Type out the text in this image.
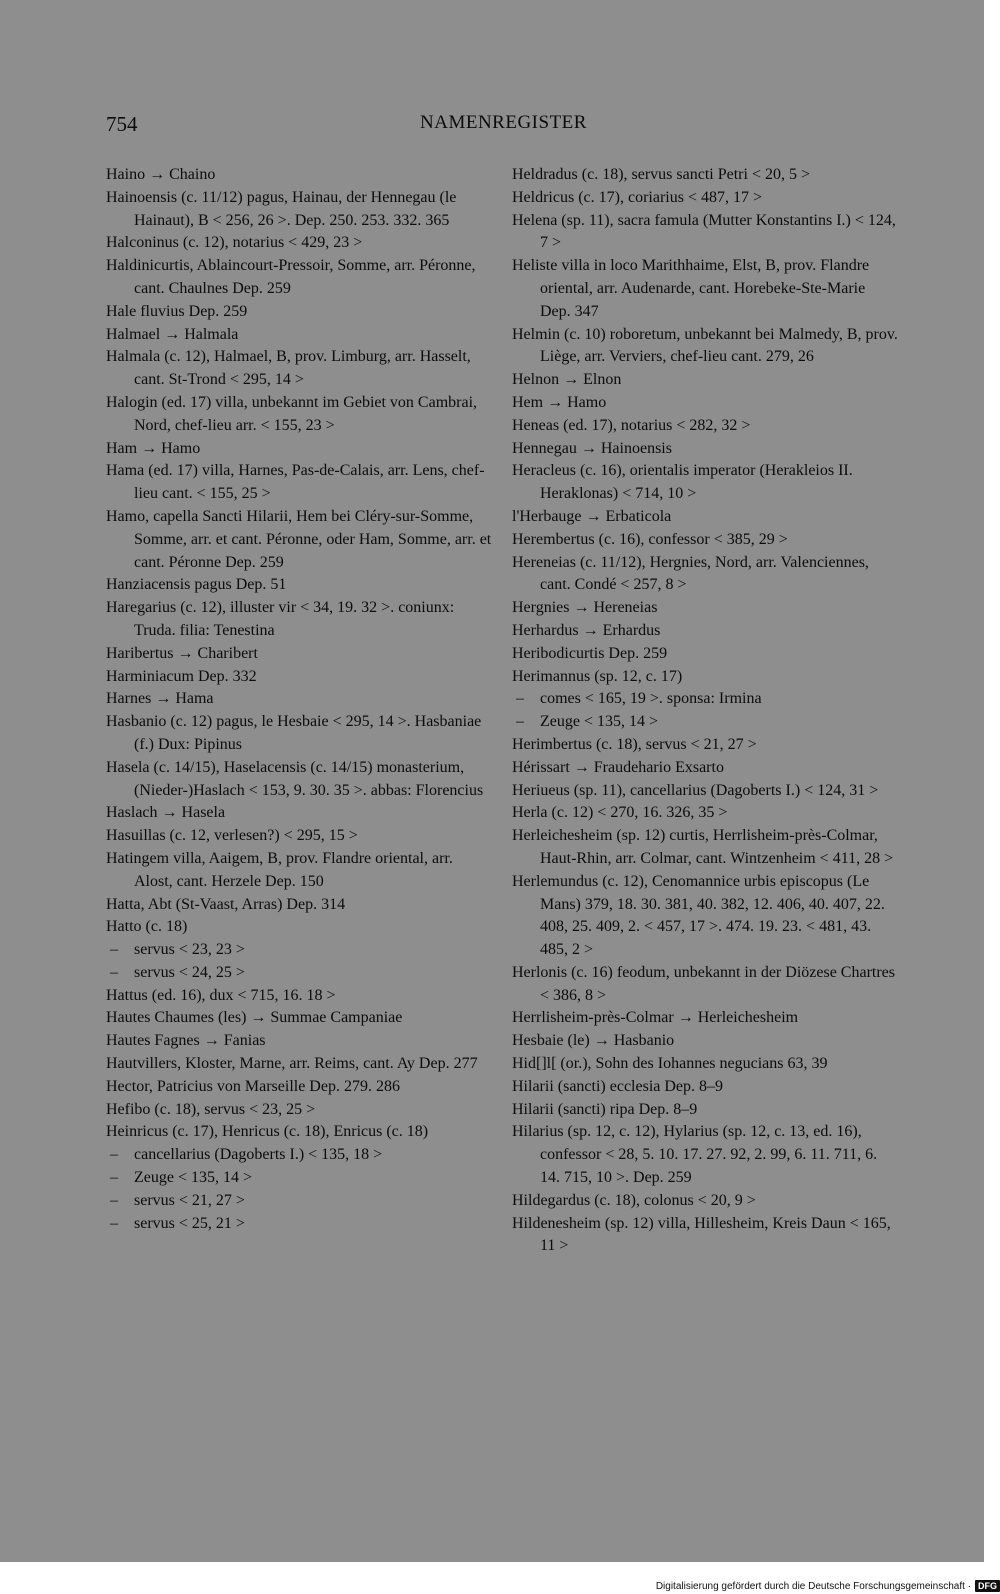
754	NAMENREGISTER
Haino → Chaino
Hainoensis (c. 11/12) pagus, Hainau, der Hennegau (le Hainaut), B < 256, 26 >. Dep. 250. 253. 332. 365
Halconinus (c. 12), notarius < 429, 23 >
Haldinicurtis, Ablaincourt-Pressoir, Somme, arr. Péronne, cant. Chaulnes Dep. 259
Hale fluvius Dep. 259
Halmael → Halmala
Halmala (c. 12), Halmael, B, prov. Limburg, arr. Hasselt, cant. St-Trond < 295, 14 >
Halogin (ed. 17) villa, unbekannt im Gebiet von Cambrai, Nord, chef-lieu arr. < 155, 23 >
Ham → Hamo
Hama (ed. 17) villa, Harnes, Pas-de-Calais, arr. Lens, chef-lieu cant. < 155, 25 >
Hamo, capella Sancti Hilarii, Hem bei Cléry-sur-Somme, Somme, arr. et cant. Péronne, oder Ham, Somme, arr. et cant. Péronne Dep. 259
Hanziacensis pagus Dep. 51
Haregarius (c. 12), illuster vir < 34, 19. 32 >. coniunx: Truda. filia: Tenestina
Haribertus → Charibert
Harminiacum Dep. 332
Harnes → Hama
Hasbanio (c. 12) pagus, le Hesbaie < 295, 14 >. Hasbaniae (f.) Dux: Pipinus
Hasela (c. 14/15), Haselacensis (c. 14/15) monasterium, (Nieder-)Haslach < 153, 9. 30. 35 >. abbas: Florencius
Haslach → Hasela
Hasuillas (c. 12, verlesen?) < 295, 15 >
Hatingem villa, Aaigem, B, prov. Flandre oriental, arr. Alost, cant. Herzele Dep. 150
Hatta, Abt (St-Vaast, Arras) Dep. 314
Hatto (c. 18)
– servus < 23, 23 >
– servus < 24, 25 >
Hattus (ed. 16), dux < 715, 16. 18 >
Hautes Chaumes (les) → Summae Campaniae
Hautes Fagnes → Fanias
Hautvillers, Kloster, Marne, arr. Reims, cant. Ay Dep. 277
Hector, Patricius von Marseille Dep. 279. 286
Hefibo (c. 18), servus < 23, 25 >
Heinricus (c. 17), Henricus (c. 18), Enricus (c. 18)
– cancellarius (Dagoberts I.) < 135, 18 >
– Zeuge < 135, 14 >
– servus < 21, 27 >
– servus < 25, 21 >
Heldradus (c. 18), servus sancti Petri < 20, 5 >
Heldricus (c. 17), coriarius < 487, 17 >
Helena (sp. 11), sacra famula (Mutter Konstantins I.) < 124, 7 >
Heliste villa in loco Marithhaime, Elst, B, prov. Flandre oriental, arr. Audenarde, cant. Horebeke-Ste-Marie Dep. 347
Helmin (c. 10) roboretum, unbekannt bei Malmedy, B, prov. Liège, arr. Verviers, chef-lieu cant. 279, 26
Helnon → Elnon
Hem → Hamo
Heneas (ed. 17), notarius < 282, 32 >
Hennegau → Hainoensis
Heracleus (c. 16), orientalis imperator (Herakleios II. Heraklonas) < 714, 10 >
l'Herbauge → Erbaticola
Herembertus (c. 16), confessor < 385, 29 >
Hereneias (c. 11/12), Hergnies, Nord, arr. Valenciennes, cant. Condé < 257, 8 >
Hergnies → Hereneias
Herhardus → Erhardus
Heribodicurtis Dep. 259
Herimannus (sp. 12, c. 17)
– comes < 165, 19 >. sponsa: Irmina
– Zeuge < 135, 14 >
Herimbertus (c. 18), servus < 21, 27 >
Hérissart → Fraudehario Exsarto
Heriueus (sp. 11), cancellarius (Dagoberts I.) < 124, 31 >
Herla (c. 12) < 270, 16. 326, 35 >
Herleichesheim (sp. 12) curtis, Herrlisheim-près-Colmar, Haut-Rhin, arr. Colmar, cant. Wintzenheim < 411, 28 >
Herlemundus (c. 12), Cenomannice urbis episcopus (Le Mans) 379, 18. 30. 381, 40. 382, 12. 406, 40. 407, 22. 408, 25. 409, 2. < 457, 17 >. 474. 19. 23. < 481, 43. 485, 2 >
Herlonis (c. 16) feodum, unbekannt in der Diözese Chartres < 386, 8 >
Herrlisheim-près-Colmar → Herleichesheim
Hesbaie (le) → Hasbanio
Hid[]l[ (or.), Sohn des Iohannes negucians 63, 39
Hilarii (sancti) ecclesia Dep. 8–9
Hilarii (sancti) ripa Dep. 8–9
Hilarius (sp. 12, c. 12), Hylarius (sp. 12, c. 13, ed. 16), confessor < 28, 5. 10. 17. 27. 92, 2. 99, 6. 11. 711, 6. 14. 715, 10 >. Dep. 259
Hildegardus (c. 18), colonus < 20, 9 >
Hildenesheim (sp. 12) villa, Hillesheim, Kreis Daun < 165, 11 >
Digitalisierung gefördert durch die Deutsche Forschungsgemeinschaft · DFG
